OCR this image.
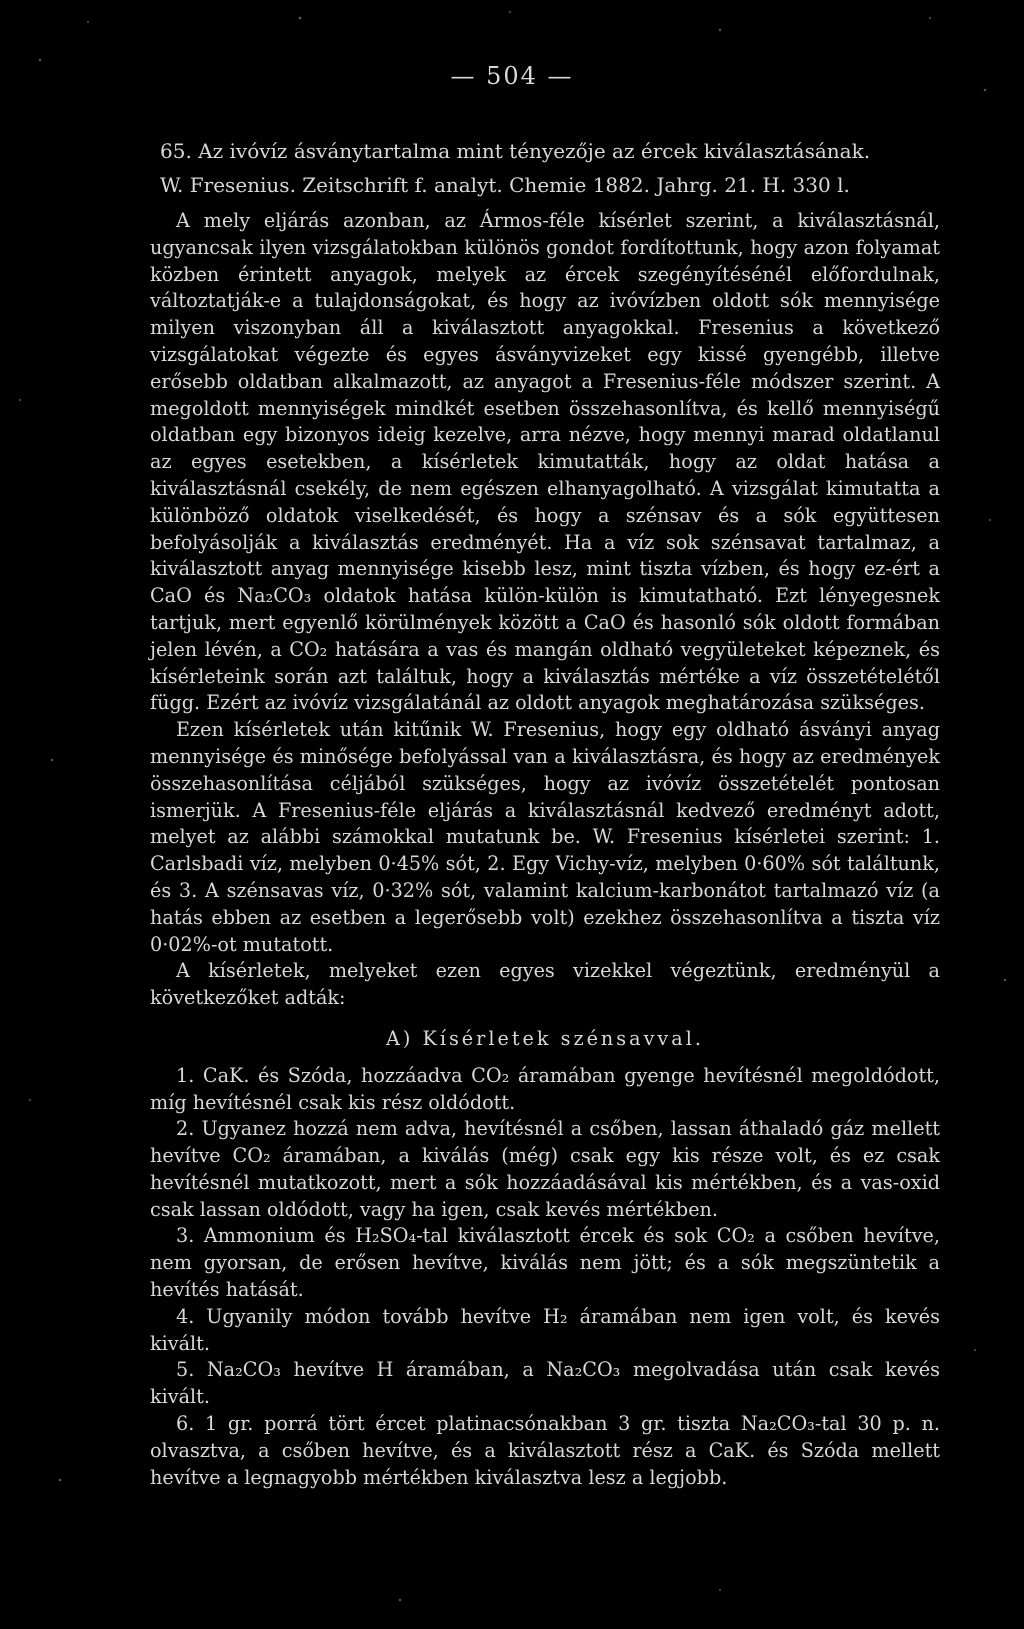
— 504 —
65. Az ivóvíz ásványtartalma mint tényezője az ércek kiválasztásának.
W. Fresenius. Zeitschrift f. analyt. Chemie 1882. Jahrg. 21. H. 330 l.

A mely eljárás azonban, az Ármos-féle kísérlet szerint, a kiválasztásnál, ugyancsak ilyen vizsgálatokban különös gondot fordítottunk, hogy azon folyamat közben érintett anyagok, melyek az ércek szegényítésénél előfordulnak, változtatják-e a tulajdonságokat, és hogy az ivóvízben oldott sók mennyisége milyen viszonyban áll a kiválasztott anyagokkal. Fresenius a következő vizsgálatokat végezte és egyes ásványvizeket egy kissé gyengébb, illetve erősebb oldatban alkalmazott, az anyagot a Fresenius-féle módszer szerint. A megoldott mennyiségek mindkét esetben összehasonlítva, és kellő mennyiségű oldatban egy bizonyos ideig kezelve, arra nézve, hogy mennyi marad oldatlanul az egyes esetekben, a kísérletek kimutatták, hogy az oldat hatása a kiválasztásnál csekély, de nem egészen elhanyagolható. A vizsgálat kimutatta a különböző oldatok viselkedését, és hogy a szénsav és a sók együttesen befolyásolják a kiválasztás eredményét. Ha a víz sok szénsavat tartalmaz, a kiválasztott anyag mennyisége kisebb lesz, mint tiszta vízben, és hogy ez-ért a CaO és Na₂CO₃ oldatok hatása külön-külön is kimutatható. Ezt lényegesnek tartjuk, mert egyenlő körülmények között a CaO és hasonló sók oldott formában jelen lévén, a CO₂ hatására a vas és mangán oldható vegyületeket képeznek, és kísérleteink során azt találtuk, hogy a kiválasztás mértéke a víz összetételétől függ. Ezért az ivóvíz vizsgálatánál az oldott anyagok meghatározása szükséges.

Ezen kísérletek után kitűnik W. Fresenius, hogy egy oldható ásványi anyag mennyisége és minősége befolyással van a kiválasztásra, és hogy az eredmények összehasonlítása céljából szükséges, hogy az ivóvíz összetételét pontosan ismerjük. A Fresenius-féle eljárás a kiválasztásnál kedvező eredményt adott, melyet az alábbi számokkal mutatunk be. W. Fresenius kísérletei szerint: 1. Carlsbadi víz, melyben 0·45% sót, 2. Egy Vichy-víz, melyben 0·60% sót találtunk, és 3. A szénsavas víz, 0·32% sót, valamint kalcium-karbonátot tartalmazó víz (a hatás ebben az esetben a legerősebb volt) ezekhez összehasonlítva a tiszta víz 0·02%-ot mutatott.

A kísérletek, melyeket ezen egyes vizekkel végeztünk, eredményül a következőket adták:

A) Kísérletek szénsavval.

1. CaK. és Szóda, hozzáadva CO₂ áramában gyenge hevítésnél megoldódott, míg hevítésnél csak kis rész oldódott.

2. Ugyanez hozzá nem adva, hevítésnél a csőben, lassan áthaladó gáz mellett hevítve CO₂ áramában, a kiválás (még) csak egy kis része volt, és ez csak hevítésnél mutatkozott, mert a sók hozzáadásával kis mértékben, és a vas-oxid csak lassan oldódott, vagy ha igen, csak kevés mértékben.

3. Ammonium és H₂SO₄-tal kiválasztott ércek és sok CO₂ a csőben hevítve, nem gyorsan, de erősen hevítve, kiválás nem jött; és a sók megszüntetik a hevítés hatását.

4. Ugyanily módon tovább hevítve H₂ áramában nem igen volt, és kevés kivált.

5. Na₂CO₃ hevítve H áramában, a Na₂CO₃ megolvadása után csak kevés kivált.

6. 1 gr. porrá tört ércet platinacsónakban 3 gr. tiszta Na₂CO₃-tal 30 p. n. olvasztva, a csőben hevítve, és a kiválasztott rész a CaK. és Szóda mellett hevítve a legnagyobb mértékben kiválasztva lesz a legjobb.
